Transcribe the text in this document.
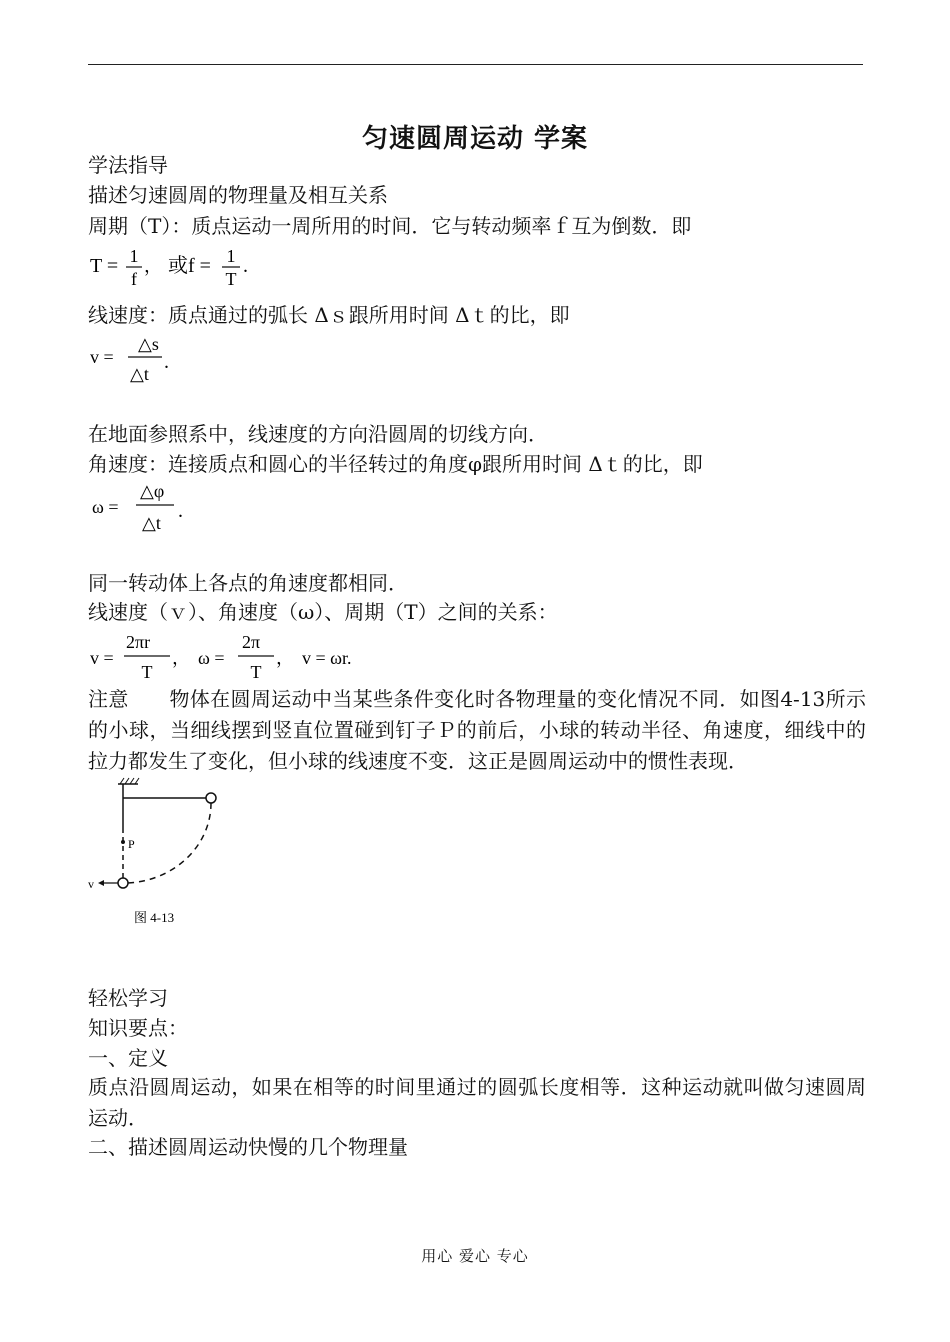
匀速圆周运动 学案
学法指导
描述匀速圆周的物理量及相互关系
周期（T）：质点运动一周所用的时间．它与转动频率ｆ互为倒数．即
T = 1
f
， 或f = 1
T
.
线速度：质点通过的弧长 Δｓ跟所用时间 Δｔ的比，即
v =
△s
△t
.
在地面参照系中，线速度的方向沿圆周的切线方向．
角速度：连接质点和圆心的半径转过的角度φ跟所用时间 Δｔ的比，即
ω =
△φ
△t
.
同一转动体上各点的角速度都相同．
线速度（ｖ）、角速度（ω）、周期（T）之间的关系：
v =
2πr
T
， ω =
2π
T
， v = ωr.
注意　　物体在圆周运动中当某些条件变化时各物理量的变化情况不同．如图4-13所示的小球，当细线摆到竖直位置碰到钉子Ｐ的前后，小球的转动半径、角速度，细线中的拉力都发生了变化，但小球的线速度不变．这正是圆周运动中的惯性表现．
P
v
图 4-13
轻松学习
知识要点：
一、定义
质点沿圆周运动，如果在相等的时间里通过的圆弧长度相等．这种运动就叫做匀速圆周运动．
二、描述圆周运动快慢的几个物理量
用心 爱心 专心
